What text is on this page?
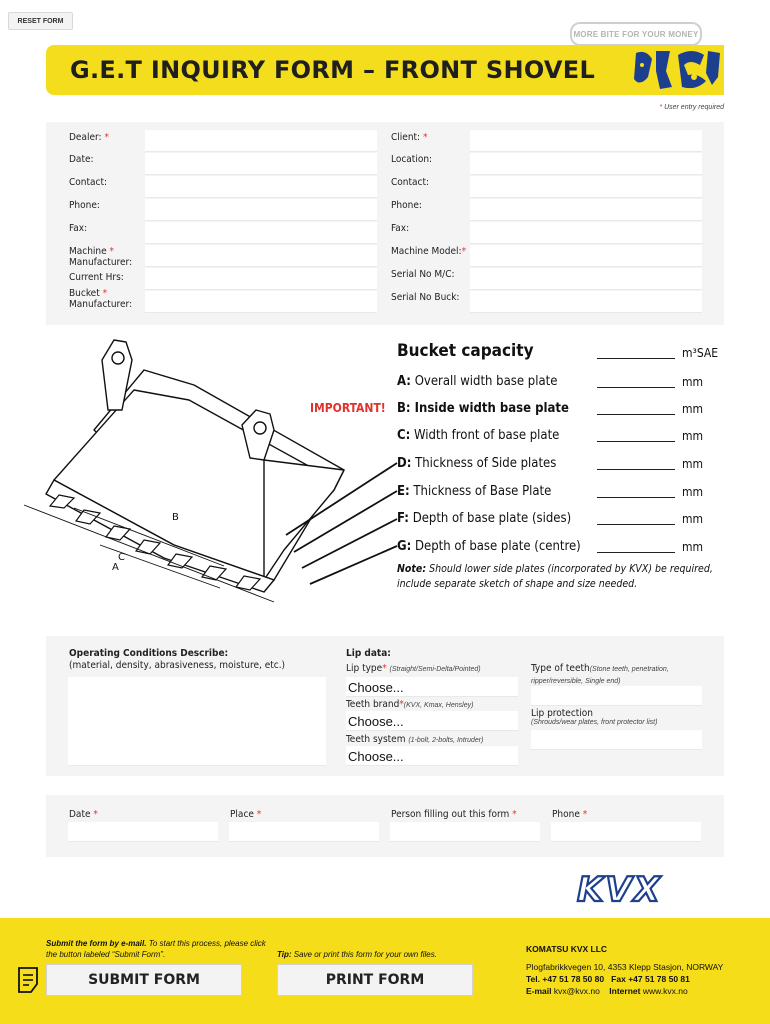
RESET FORM
MORE BITE FOR YOUR MONEY
G.E.T INQUIRY FORM – FRONT SHOVEL
* User entry required
Dealer: *
Date:
Contact:
Phone:
Fax:
Machine *
Manufacturer:
Current Hrs:
Bucket *
Manufacturer:
Client: *
Location:
Contact:
Phone:
Fax:
Machine Model:*
Serial No M/C:
Serial No Buck:
A
B
C
Bucket capacity	m³SAE
IMPORTANT!
A: Overall width base plate	mm
B: Inside width base plate	mm
C: Width front of base plate	mm
D: Thickness of Side plates	mm
E: Thickness of Base Plate	mm
F: Depth of base plate (sides)	mm
G: Depth of base plate (centre)	mm
Note: Should lower side plates (incorporated by KVX) be required, include separate sketch of shape and size needed.
Operating Conditions Describe:
(material, density, abrasiveness, moisture, etc.)
Lip data:
Lip type* (Straight/Semi-Delta/Pointed)
Choose...
Teeth brand*(KVX, Kmax, Hensley)
Choose...
Teeth system (1-bolt, 2-bolts, Intruder)
Choose...
Type of teeth(Stone teeth, penetration, ripper/reversible, Single end)
Lip protection
(Shrouds/wear plates, front protector list)
Date *	Place *	Person filling out this form *	Phone *
KVX
Submit the form by e-mail. To start this process, please click the button labeled “Submit Form”.
SUBMIT FORM
Tip: Save or print this form for your own files.
PRINT FORM
KOMATSU KVX LLC
Plogfabrikkvegen 10, 4353 Klepp Stasjon, NORWAY
Tel. +47 51 78 50 80 Fax +47 51 78 50 81
E-mail kvx@kvx.no Internet www.kvx.no
